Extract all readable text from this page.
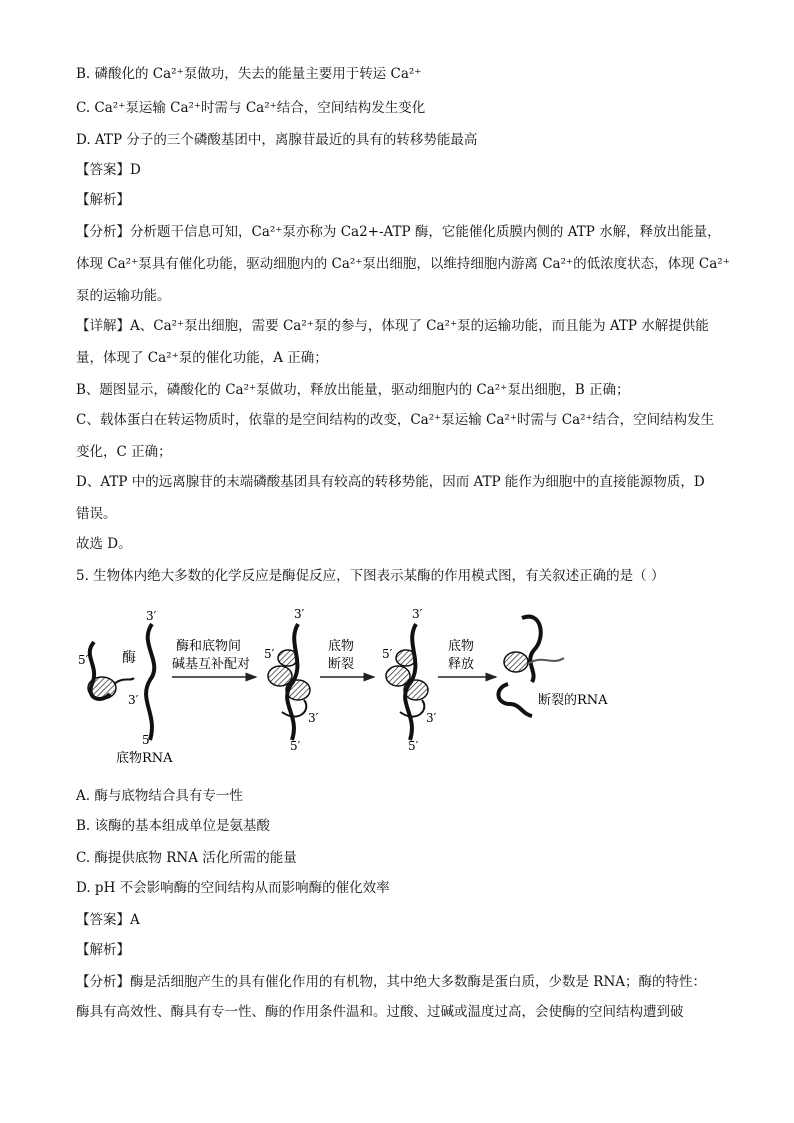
B. 磷酸化的 Ca²⁺泵做功，失去的能量主要用于转运 Ca²⁺
C. Ca²⁺泵运输 Ca²⁺时需与 Ca²⁺结合，空间结构发生变化
D. ATP 分子的三个磷酸基团中，离腺苷最近的具有的转移势能最高
【答案】D
【解析】
【分析】分析题干信息可知，Ca²⁺泵亦称为 Ca2+-ATP 酶，它能催化质膜内侧的 ATP 水解，释放出能量，
体现 Ca²⁺泵具有催化功能，驱动细胞内的 Ca²⁺泵出细胞，以维持细胞内游离 Ca²⁺的低浓度状态，体现 Ca²⁺
泵的运输功能。
【详解】A、Ca²⁺泵出细胞，需要 Ca²⁺泵的参与，体现了 Ca²⁺泵的运输功能，而且能为 ATP 水解提供能
量，体现了 Ca²⁺泵的催化功能，A 正确；
B、题图显示，磷酸化的 Ca²⁺泵做功，释放出能量，驱动细胞内的 Ca²⁺泵出细胞，B 正确；
C、载体蛋白在转运物质时，依靠的是空间结构的改变，Ca²⁺泵运输 Ca²⁺时需与 Ca²⁺结合，空间结构发生
变化，C 正确；
D、ATP 中的远离腺苷的末端磷酸基团具有较高的转移势能，因而 ATP 能作为细胞中的直接能源物质，D
错误。
故选 D。
5. 生物体内绝大多数的化学反应是酶促反应，下图表示某酶的作用模式图，有关叙述正确的是（ ）
酶
5′
3′
3′
5′
底物RNA
酶和底物间
碱基互补配对
3′
5′
3′
5′
底物
断裂
3′
5′
3′
5′
底物
释放
断裂的RNA
A. 酶与底物结合具有专一性
B. 该酶的基本组成单位是氨基酸
C. 酶提供底物 RNA 活化所需的能量
D. pH 不会影响酶的空间结构从而影响酶的催化效率
【答案】A
【解析】
【分析】酶是活细胞产生的具有催化作用的有机物，其中绝大多数酶是蛋白质，少数是 RNA；酶的特性：
酶具有高效性、酶具有专一性、酶的作用条件温和。过酸、过碱或温度过高，会使酶的空间结构遭到破
